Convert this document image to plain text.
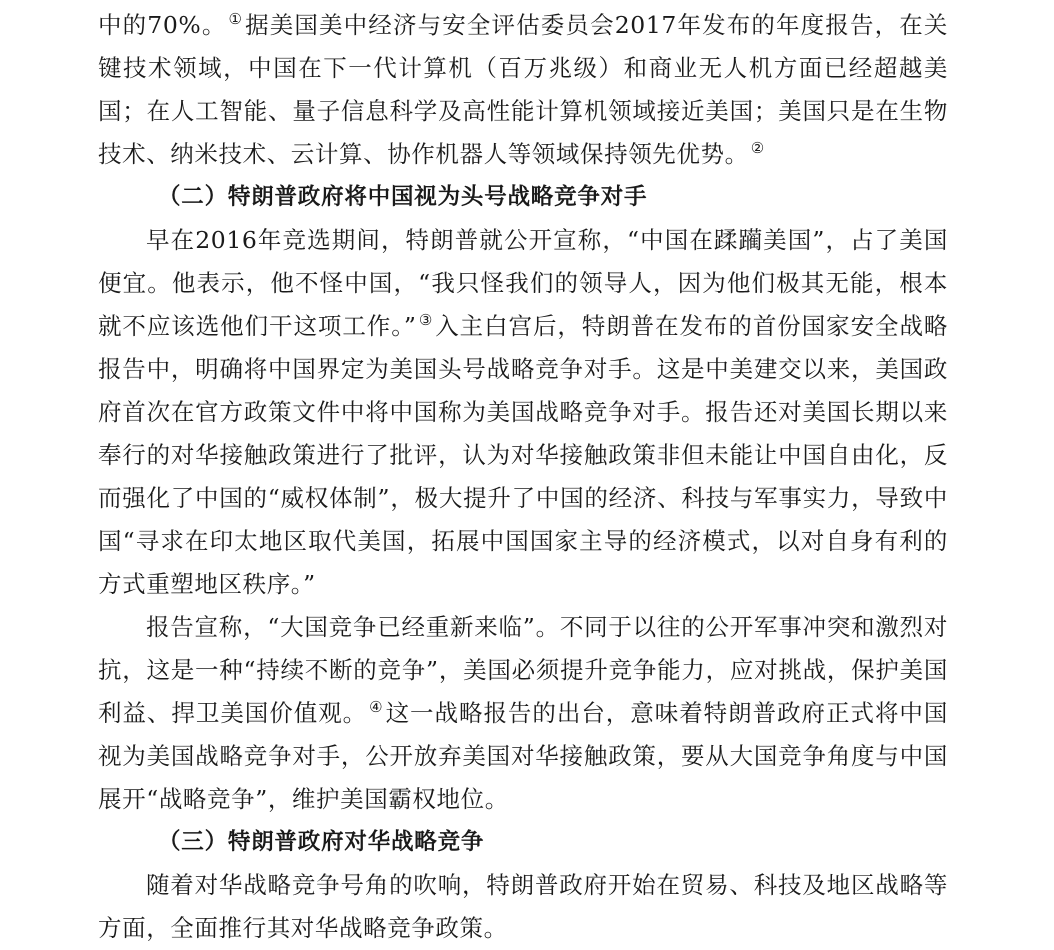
中的70%。 ①据美国美中经济与安全评估委员会2017年发布的年度报告，在关键技术领域，中国在下一代计算机（百万兆级）和商业无人机方面已经超越美国；在人工智能、量子信息科学及高性能计算机领域接近美国；美国只是在生物技术、纳米技术、云计算、协作机器人等领域保持领先优势。 ②

（二）特朗普政府将中国视为头号战略竞争对手

早在2016年竞选期间，特朗普就公开宣称，“中国在蹂躏美国”，占了美国便宜。他表示，他不怪中国，“我只怪我们的领导人，因为他们极其无能，根本就不应该选他们干这项工作。” ③入主白宫后，特朗普在发布的首份国家安全战略报告中，明确将中国界定为美国头号战略竞争对手。这是中美建交以来，美国政府首次在官方政策文件中将中国称为美国战略竞争对手。报告还对美国长期以来奉行的对华接触政策进行了批评，认为对华接触政策非但未能让中国自由化，反而强化了中国的“威权体制”，极大提升了中国的经济、科技与军事实力，导致中国“寻求在印太地区取代美国，拓展中国国家主导的经济模式，以对自身有利的方式重塑地区秩序。”

报告宣称，“大国竞争已经重新来临”。不同于以往的公开军事冲突和激烈对抗，这是一种“持续不断的竞争”，美国必须提升竞争能力，应对挑战，保护美国利益、捍卫美国价值观。 ④这一战略报告的出台，意味着特朗普政府正式将中国视为美国战略竞争对手，公开放弃美国对华接触政策，要从大国竞争角度与中国展开“战略竞争”，维护美国霸权地位。

（三）特朗普政府对华战略竞争

随着对华战略竞争号角的吹响，特朗普政府开始在贸易、科技及地区战略等方面，全面推行其对华战略竞争政策。
